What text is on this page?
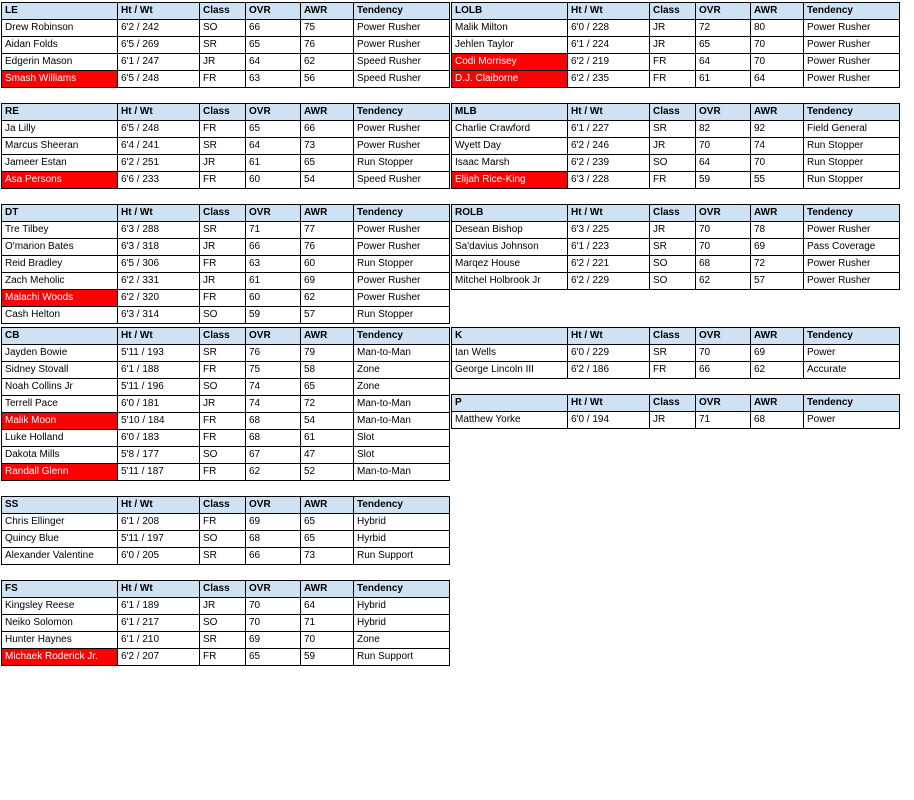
LE	Ht / Wt	Class	OVR	AWR	Tendency
Drew Robinson	6'2 / 242	SO	66	75	Power Rusher
Aidan Folds	6'5 / 269	SR	65	76	Power Rusher
Edgerin Mason	6'1 / 247	JR	64	62	Speed Rusher
Smash Williams	6'5 / 248	FR	63	56	Speed Rusher
RE	Ht / Wt	Class	OVR	AWR	Tendency
Ja Lilly	6'5 / 248	FR	65	66	Power Rusher
Marcus Sheeran	6'4 / 241	SR	64	73	Power Rusher
Jameer Estan	6'2 / 251	JR	61	65	Run Stopper
Asa Persons	6'6 / 233	FR	60	54	Speed Rusher
DT	Ht / Wt	Class	OVR	AWR	Tendency
Tre Tilbey	6'3 / 288	SR	71	77	Power Rusher
O'marion Bates	6'3 / 318	JR	66	76	Power Rusher
Reid Bradley	6'5 / 306	FR	63	60	Run Stopper
Zach Meholic	6'2 / 331	JR	61	69	Power Rusher
Malachi Woods	6'2 / 320	FR	60	62	Power Rusher
Cash Helton	6'3 / 314	SO	59	57	Run Stopper
CB	Ht / Wt	Class	OVR	AWR	Tendency
Jayden Bowie	5'11 / 193	SR	76	79	Man-to-Man
Sidney Stovall	6'1 / 188	FR	75	58	Zone
Noah Collins Jr	5'11 / 196	SO	74	65	Zone
Terrell Pace	6'0 / 181	JR	74	72	Man-to-Man
Malik Moon	5'10 / 184	FR	68	54	Man-to-Man
Luke Holland	6'0 / 183	FR	68	61	Slot
Dakota Mills	5'8 / 177	SO	67	47	Slot
Randall Glenn	5'11 / 187	FR	62	52	Man-to-Man
SS	Ht / Wt	Class	OVR	AWR	Tendency
Chris Ellinger	6'1 / 208	FR	69	65	Hybrid
Quincy Blue	5'11 / 197	SO	68	65	Hyrbid
Alexander Valentine	6'0 / 205	SR	66	73	Run Support
FS	Ht / Wt	Class	OVR	AWR	Tendency
Kingsley Reese	6'1 / 189	JR	70	64	Hybrid
Neiko Solomon	6'1 / 217	SO	70	71	Hybrid
Hunter Haynes	6'1 / 210	SR	69	70	Zone
Michaek Roderick Jr.	6'2 / 207	FR	65	59	Run Support
LOLB	Ht / Wt	Class	OVR	AWR	Tendency
Malik Milton	6'0 / 228	JR	72	80	Power Rusher
Jehlen Taylor	6'1 / 224	JR	65	70	Power Rusher
Codi Morrisey	6'2 / 219	FR	64	70	Power Rusher
D.J. Claiborne	6'2 / 235	FR	61	64	Power Rusher
MLB	Ht / Wt	Class	OVR	AWR	Tendency
Charlie Crawford	6'1 / 227	SR	82	92	Field General
Wyett Day	6'2 / 246	JR	70	74	Run Stopper
Isaac Marsh	6'2 / 239	SO	64	70	Run Stopper
Elijah Rice-King	6'3 / 228	FR	59	55	Run Stopper
ROLB	Ht / Wt	Class	OVR	AWR	Tendency
Desean Bishop	6'3 / 225	JR	70	78	Power Rusher
Sa'davius Johnson	6'1 / 223	SR	70	69	Pass Coverage
Marqez House	6'2 / 221	SO	68	72	Power Rusher
Mitchel Holbrook Jr	6'2 / 229	SO	62	57	Power Rusher
K	Ht / Wt	Class	OVR	AWR	Tendency
Ian Wells	6'0 / 229	SR	70	69	Power
George Lincoln III	6'2 / 186	FR	66	62	Accurate
P	Ht / Wt	Class	OVR	AWR	Tendency
Matthew Yorke	6'0 / 194	JR	71	68	Power
